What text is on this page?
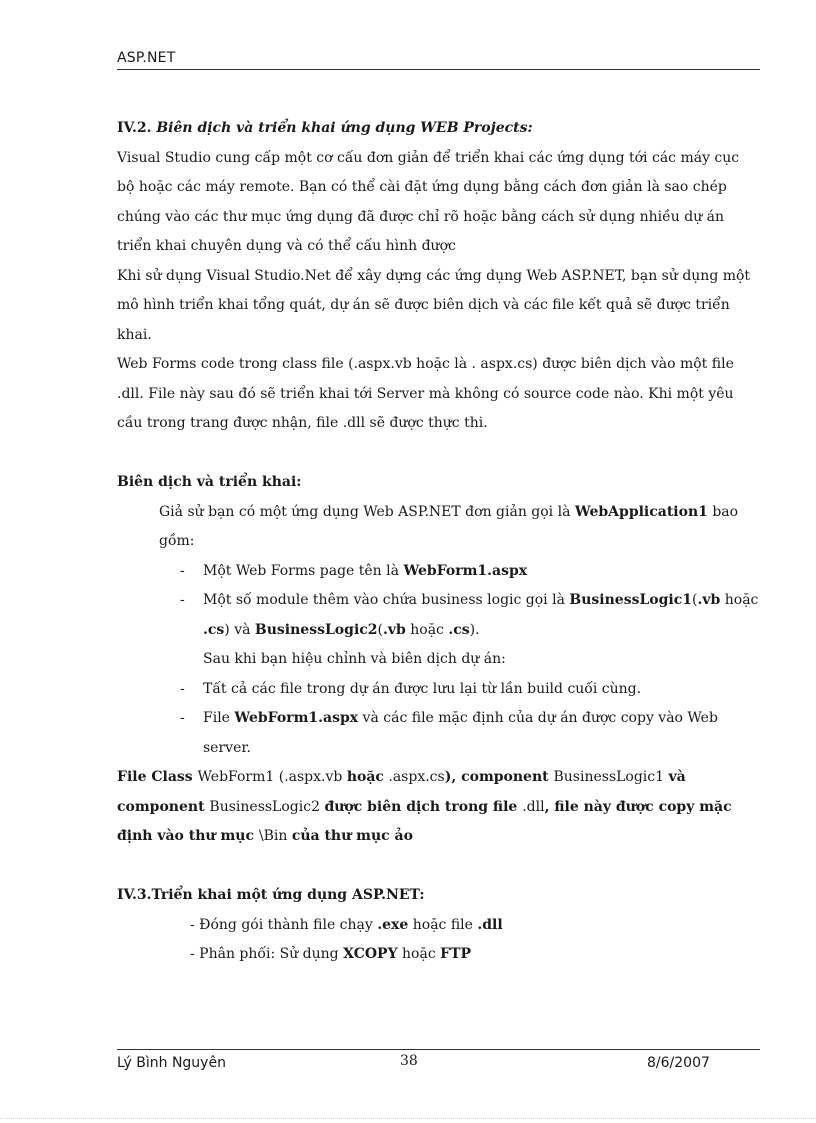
ASP.NET

IV.2. Biên dịch và triển khai ứng dụng WEB Projects:

Visual Studio cung cấp một cơ cấu đơn giản để triển khai các ứng dụng tới các máy cục bộ hoặc các máy remote. Bạn có thể cài đặt ứng dụng bằng cách đơn giản là sao chép chúng vào các thư mục ứng dụng đã được chỉ rõ hoặc bằng cách sử dụng nhiều dự án triển khai chuyên dụng và có thể cấu hình được

Khi sử dụng Visual Studio.Net để xây dựng các ứng dụng Web ASP.NET, bạn sử dụng một mô hình triển khai tổng quát, dự án sẽ được biên dịch và các file kết quả sẽ được triển khai.

Web Forms code trong class file (.aspx.vb hoặc là . aspx.cs) được biên dịch vào một file .dll. File này sau đó sẽ triển khai tới Server mà không có source code nào. Khi một yêu cầu trong trang được nhận, file .dll sẽ được thực thi.

Biên dịch và triển khai:

Giả sử bạn có một ứng dụng Web ASP.NET đơn giản gọi là WebApplication1 bao gồm:

- Một Web Forms page tên là WebForm1.aspx

- Một số module thêm vào chứa business logic gọi là BusinessLogic1(.vb hoặc .cs) và BusinessLogic2(.vb hoặc .cs).

Sau khi bạn hiệu chỉnh và biên dịch dự án:

- Tất cả các file trong dự án được lưu lại từ lần build cuối cùng.

- File WebForm1.aspx và các file mặc định của dự án được copy vào Web server.

File Class WebForm1 (.aspx.vb hoặc .aspx.cs), component BusinessLogic1 và component BusinessLogic2 được biên dịch trong file .dll, file này được copy mặc định vào thư mục \Bin của thư mục ảo

IV.3.Triển khai một ứng dụng ASP.NET:

- Đóng gói thành file chạy .exe hoặc file .dll

- Phân phối: Sử dụng XCOPY hoặc FTP

Lý Bình Nguyên	38	8/6/2007
